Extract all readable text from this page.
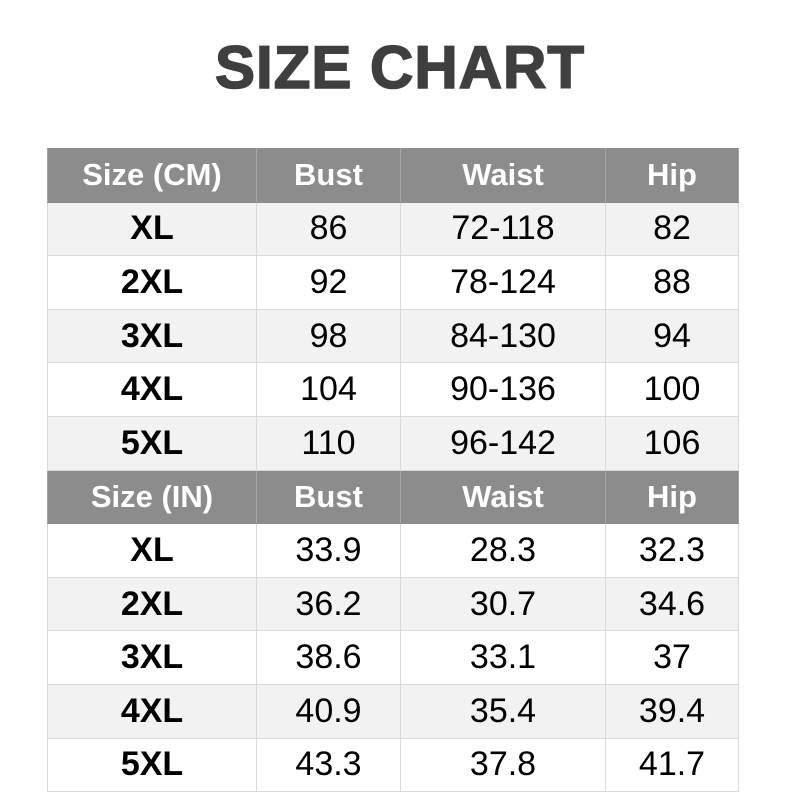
SIZE CHART
Size (CM)	Bust	Waist	Hip
XL	86	72-118	82
2XL	92	78-124	88
3XL	98	84-130	94
4XL	104	90-136	100
5XL	110	96-142	106
Size (IN)	Bust	Waist	Hip
XL	33.9	28.3	32.3
2XL	36.2	30.7	34.6
3XL	38.6	33.1	37
4XL	40.9	35.4	39.4
5XL	43.3	37.8	41.7
